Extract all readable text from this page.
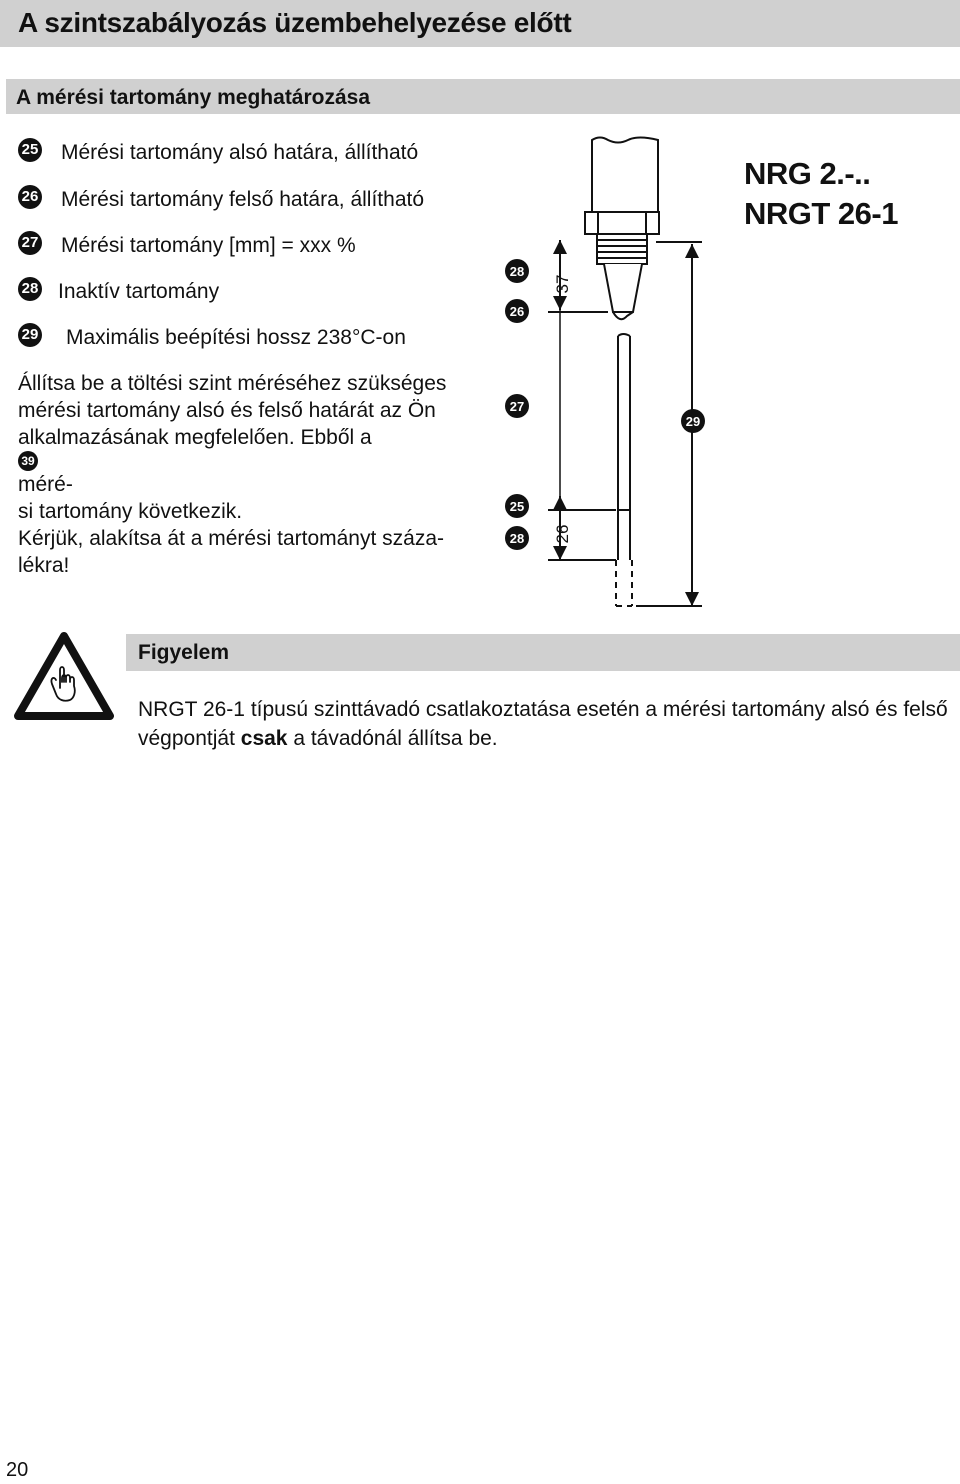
A szintszabályozás üzembehelyezése előtt
A mérési tartomány meghatározása
25 Mérési tartomány alsó határa, állítható
26 Mérési tartomány felső határa, állítható
27 Mérési tartomány [mm] = xxx %
28 Inaktív tartomány
29 Maximális beépítési hossz 238°C-on
Állítsa be a töltési szint méréséhez szükséges
mérési tartomány alsó és felső határát az Ön
alkalmazásának megfelelően. Ebből a
39
méré-
si tartomány következik.
Kérjük, alakítsa át a mérési tartományt száza-
lékra!
NRG 2.-..
NRGT 26-1
37
26
28
26
27
25
28
29
Figyelem
NRGT 26-1 típusú szinttávadó csatlakoztatása esetén a mérési tartomány alsó és felső
végpontját csak a távadónál állítsa be.
20
